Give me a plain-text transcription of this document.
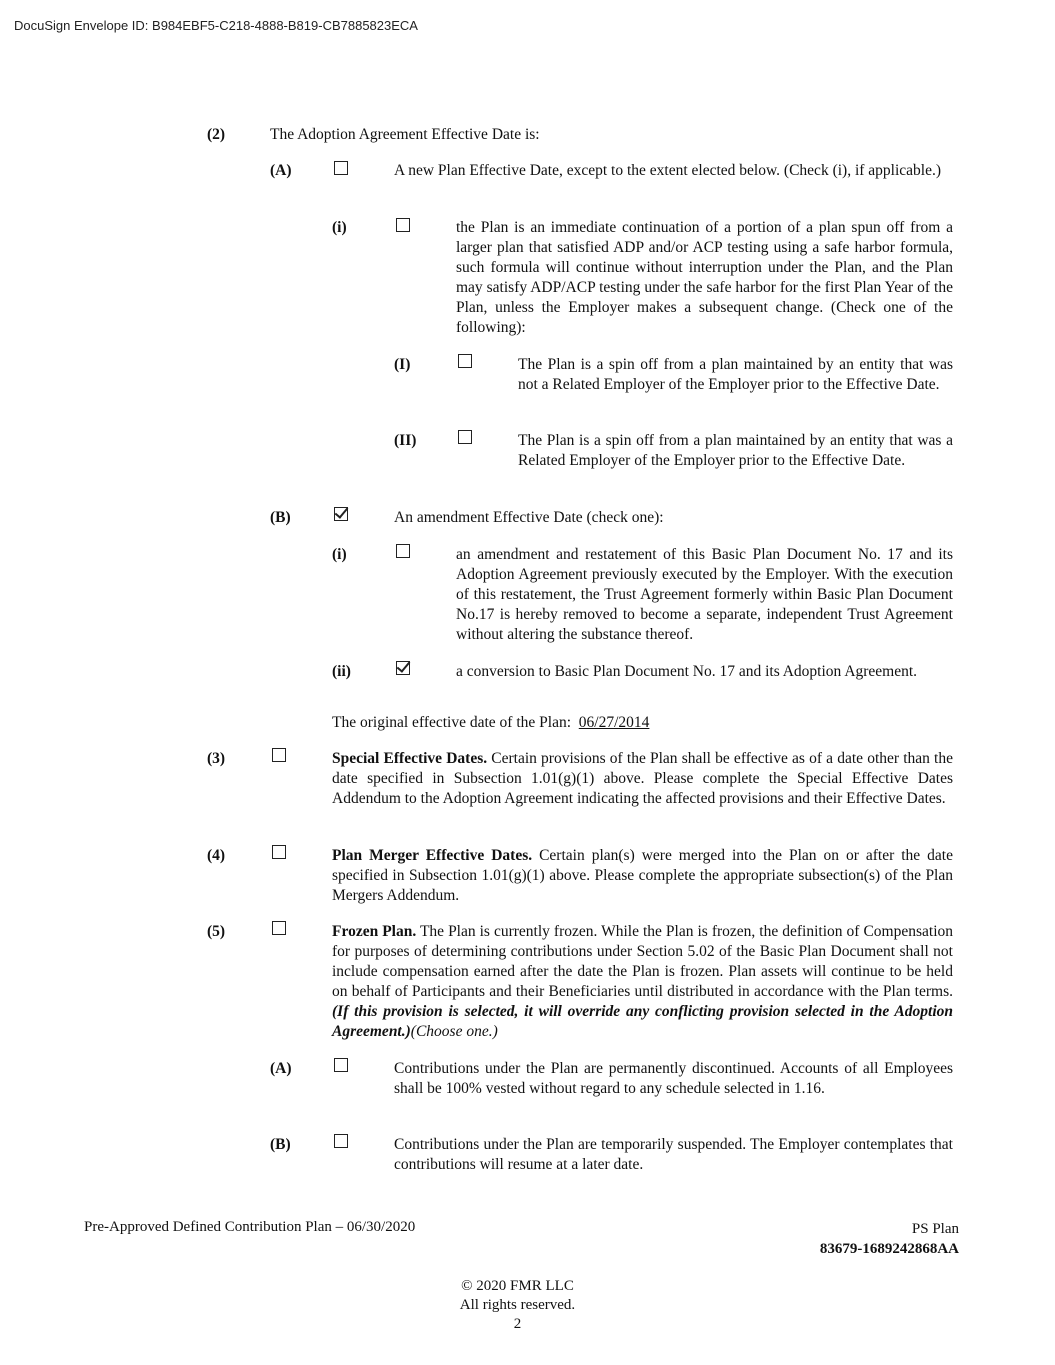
DocuSign Envelope ID: B984EBF5-C218-4888-B819-CB7885823ECA
(2)	The Adoption Agreement Effective Date is:
(A)	A new Plan Effective Date, except to the extent elected below. (Check (i), if applicable.)
(i)	the Plan is an immediate continuation of a portion of a plan spun off from a larger plan that satisfied ADP and/or ACP testing using a safe harbor formula, such formula will continue without interruption under the Plan, and the Plan may satisfy ADP/ACP testing under the safe harbor for the first Plan Year of the Plan, unless the Employer makes a subsequent change. (Check one of the following):
(I)	The Plan is a spin off from a plan maintained by an entity that was not a Related Employer of the Employer prior to the Effective Date.
(II)	The Plan is a spin off from a plan maintained by an entity that was a Related Employer of the Employer prior to the Effective Date.
(B)	An amendment Effective Date (check one):
(i)	an amendment and restatement of this Basic Plan Document No. 17 and its Adoption Agreement previously executed by the Employer. With the execution of this restatement, the Trust Agreement formerly within Basic Plan Document No.17 is hereby removed to become a separate, independent Trust Agreement without altering the substance thereof.
(ii)	a conversion to Basic Plan Document No. 17 and its Adoption Agreement.
The original effective date of the Plan: 06/27/2014
(3)	Special Effective Dates. Certain provisions of the Plan shall be effective as of a date other than the date specified in Subsection 1.01(g)(1) above. Please complete the Special Effective Dates Addendum to the Adoption Agreement indicating the affected provisions and their Effective Dates.
(4)	Plan Merger Effective Dates. Certain plan(s) were merged into the Plan on or after the date specified in Subsection 1.01(g)(1) above. Please complete the appropriate subsection(s) of the Plan Mergers Addendum.
(5)	Frozen Plan. The Plan is currently frozen. While the Plan is frozen, the definition of Compensation for purposes of determining contributions under Section 5.02 of the Basic Plan Document shall not include compensation earned after the date the Plan is frozen. Plan assets will continue to be held on behalf of Participants and their Beneficiaries until distributed in accordance with the Plan terms. (If this provision is selected, it will override any conflicting provision selected in the Adoption Agreement.)(Choose one.)
(A)	Contributions under the Plan are permanently discontinued. Accounts of all Employees shall be 100% vested without regard to any schedule selected in 1.16.
(B)	Contributions under the Plan are temporarily suspended. The Employer contemplates that contributions will resume at a later date.
Pre-Approved Defined Contribution Plan – 06/30/2020	PS Plan
83679-1689242868AA
© 2020 FMR LLC
All rights reserved.
2
